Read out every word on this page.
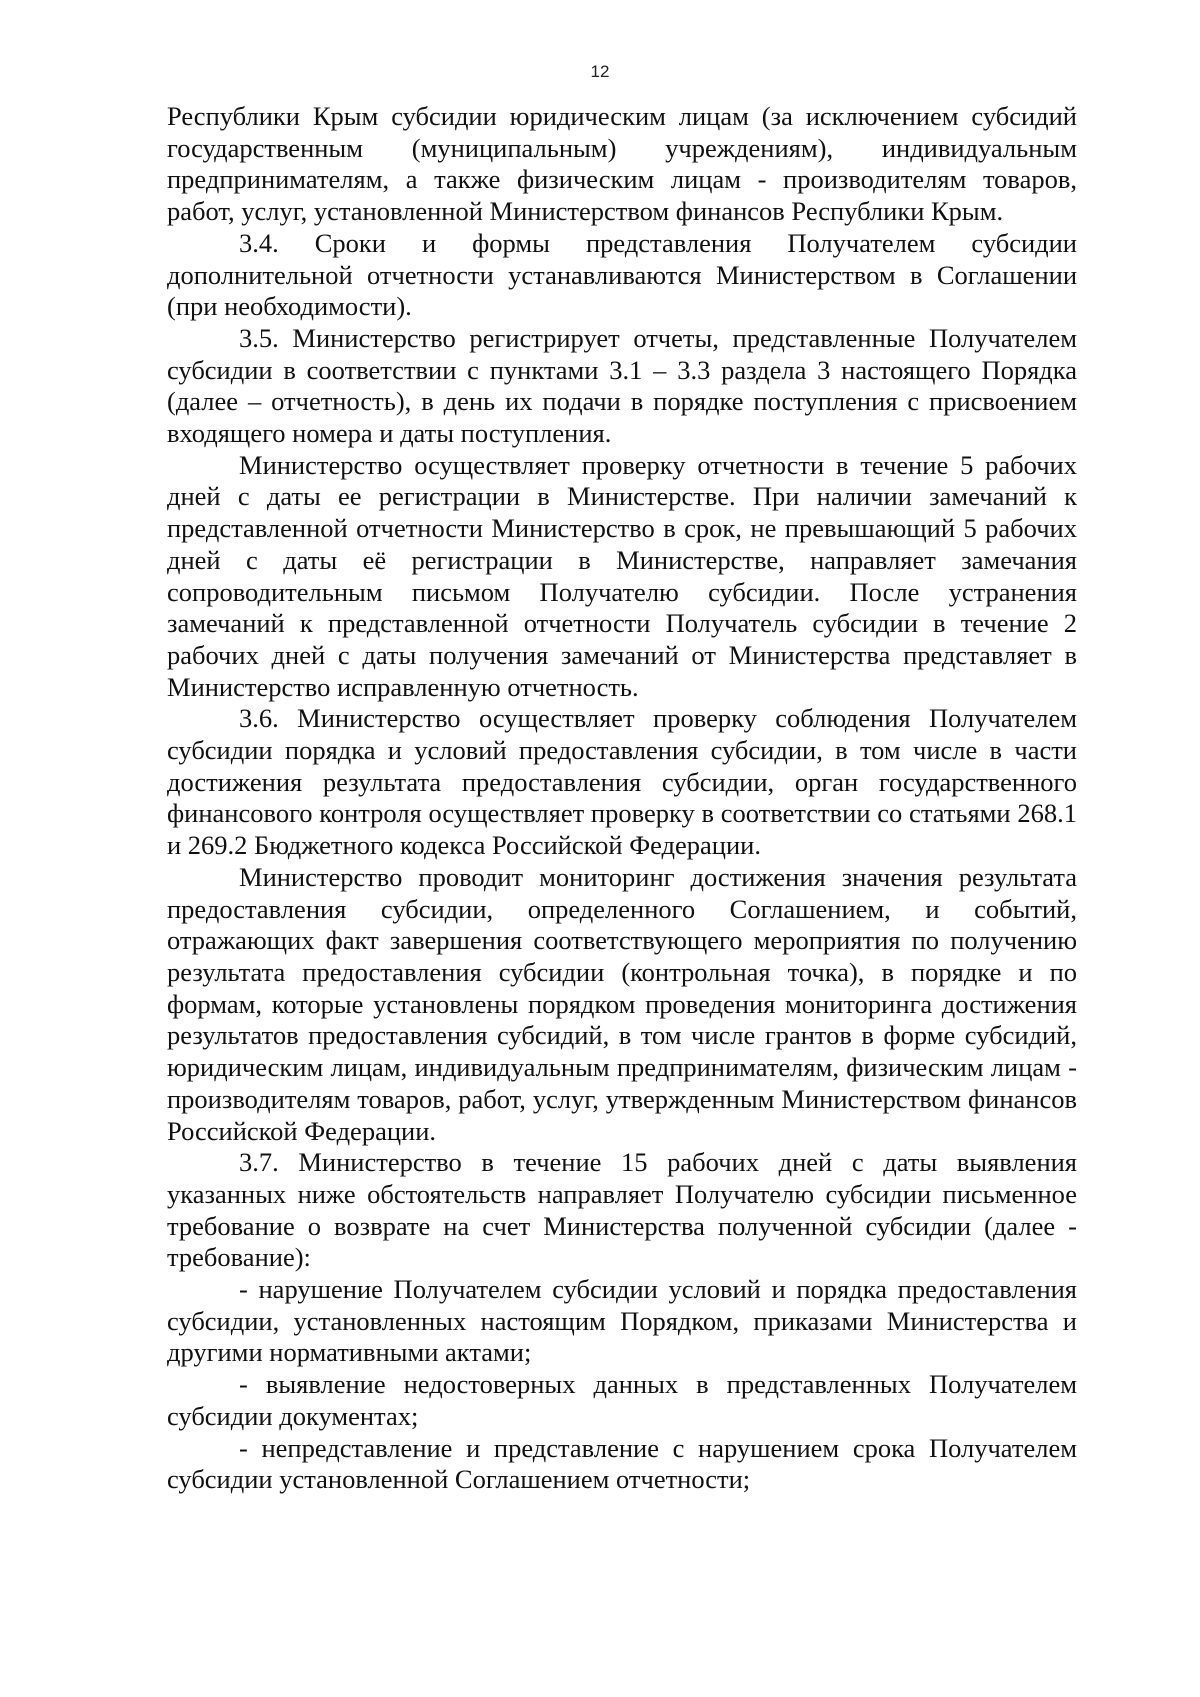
12

Республики Крым субсидии юридическим лицам (за исключением субсидий государственным (муниципальным) учреждениям), индивидуальным предпринимателям, а также физическим лицам - производителям товаров, работ, услуг, установленной Министерством финансов Республики Крым.

3.4. Сроки и формы представления Получателем субсидии дополнительной отчетности устанавливаются Министерством в Соглашении (при необходимости).

3.5. Министерство регистрирует отчеты, представленные Получателем субсидии в соответствии с пунктами 3.1 – 3.3 раздела 3 настоящего Порядка (далее – отчетность), в день их подачи в порядке поступления с присвоением входящего номера и даты поступления.

Министерство осуществляет проверку отчетности в течение 5 рабочих дней с даты ее регистрации в Министерстве. При наличии замечаний к представленной отчетности Министерство в срок, не превышающий 5 рабочих дней с даты её регистрации в Министерстве, направляет замечания сопроводительным письмом Получателю субсидии. После устранения замечаний к представленной отчетности Получатель субсидии в течение 2 рабочих дней с даты получения замечаний от Министерства представляет в Министерство исправленную отчетность.

3.6. Министерство осуществляет проверку соблюдения Получателем субсидии порядка и условий предоставления субсидии, в том числе в части достижения результата предоставления субсидии, орган государственного финансового контроля осуществляет проверку в соответствии со статьями 268.1 и 269.2 Бюджетного кодекса Российской Федерации.

Министерство проводит мониторинг достижения значения результата предоставления субсидии, определенного Соглашением, и событий, отражающих факт завершения соответствующего мероприятия по получению результата предоставления субсидии (контрольная точка), в порядке и по формам, которые установлены порядком проведения мониторинга достижения результатов предоставления субсидий, в том числе грантов в форме субсидий, юридическим лицам, индивидуальным предпринимателям, физическим лицам - производителям товаров, работ, услуг, утвержденным Министерством финансов Российской Федерации.

3.7. Министерство в течение 15 рабочих дней с даты выявления указанных ниже обстоятельств направляет Получателю субсидии письменное требование о возврате на счет Министерства полученной субсидии (далее - требование):

- нарушение Получателем субсидии условий и порядка предоставления субсидии, установленных настоящим Порядком, приказами Министерства и другими нормативными актами;

- выявление недостоверных данных в представленных Получателем субсидии документах;

- непредставление и представление с нарушением срока Получателем субсидии установленной Соглашением отчетности;
